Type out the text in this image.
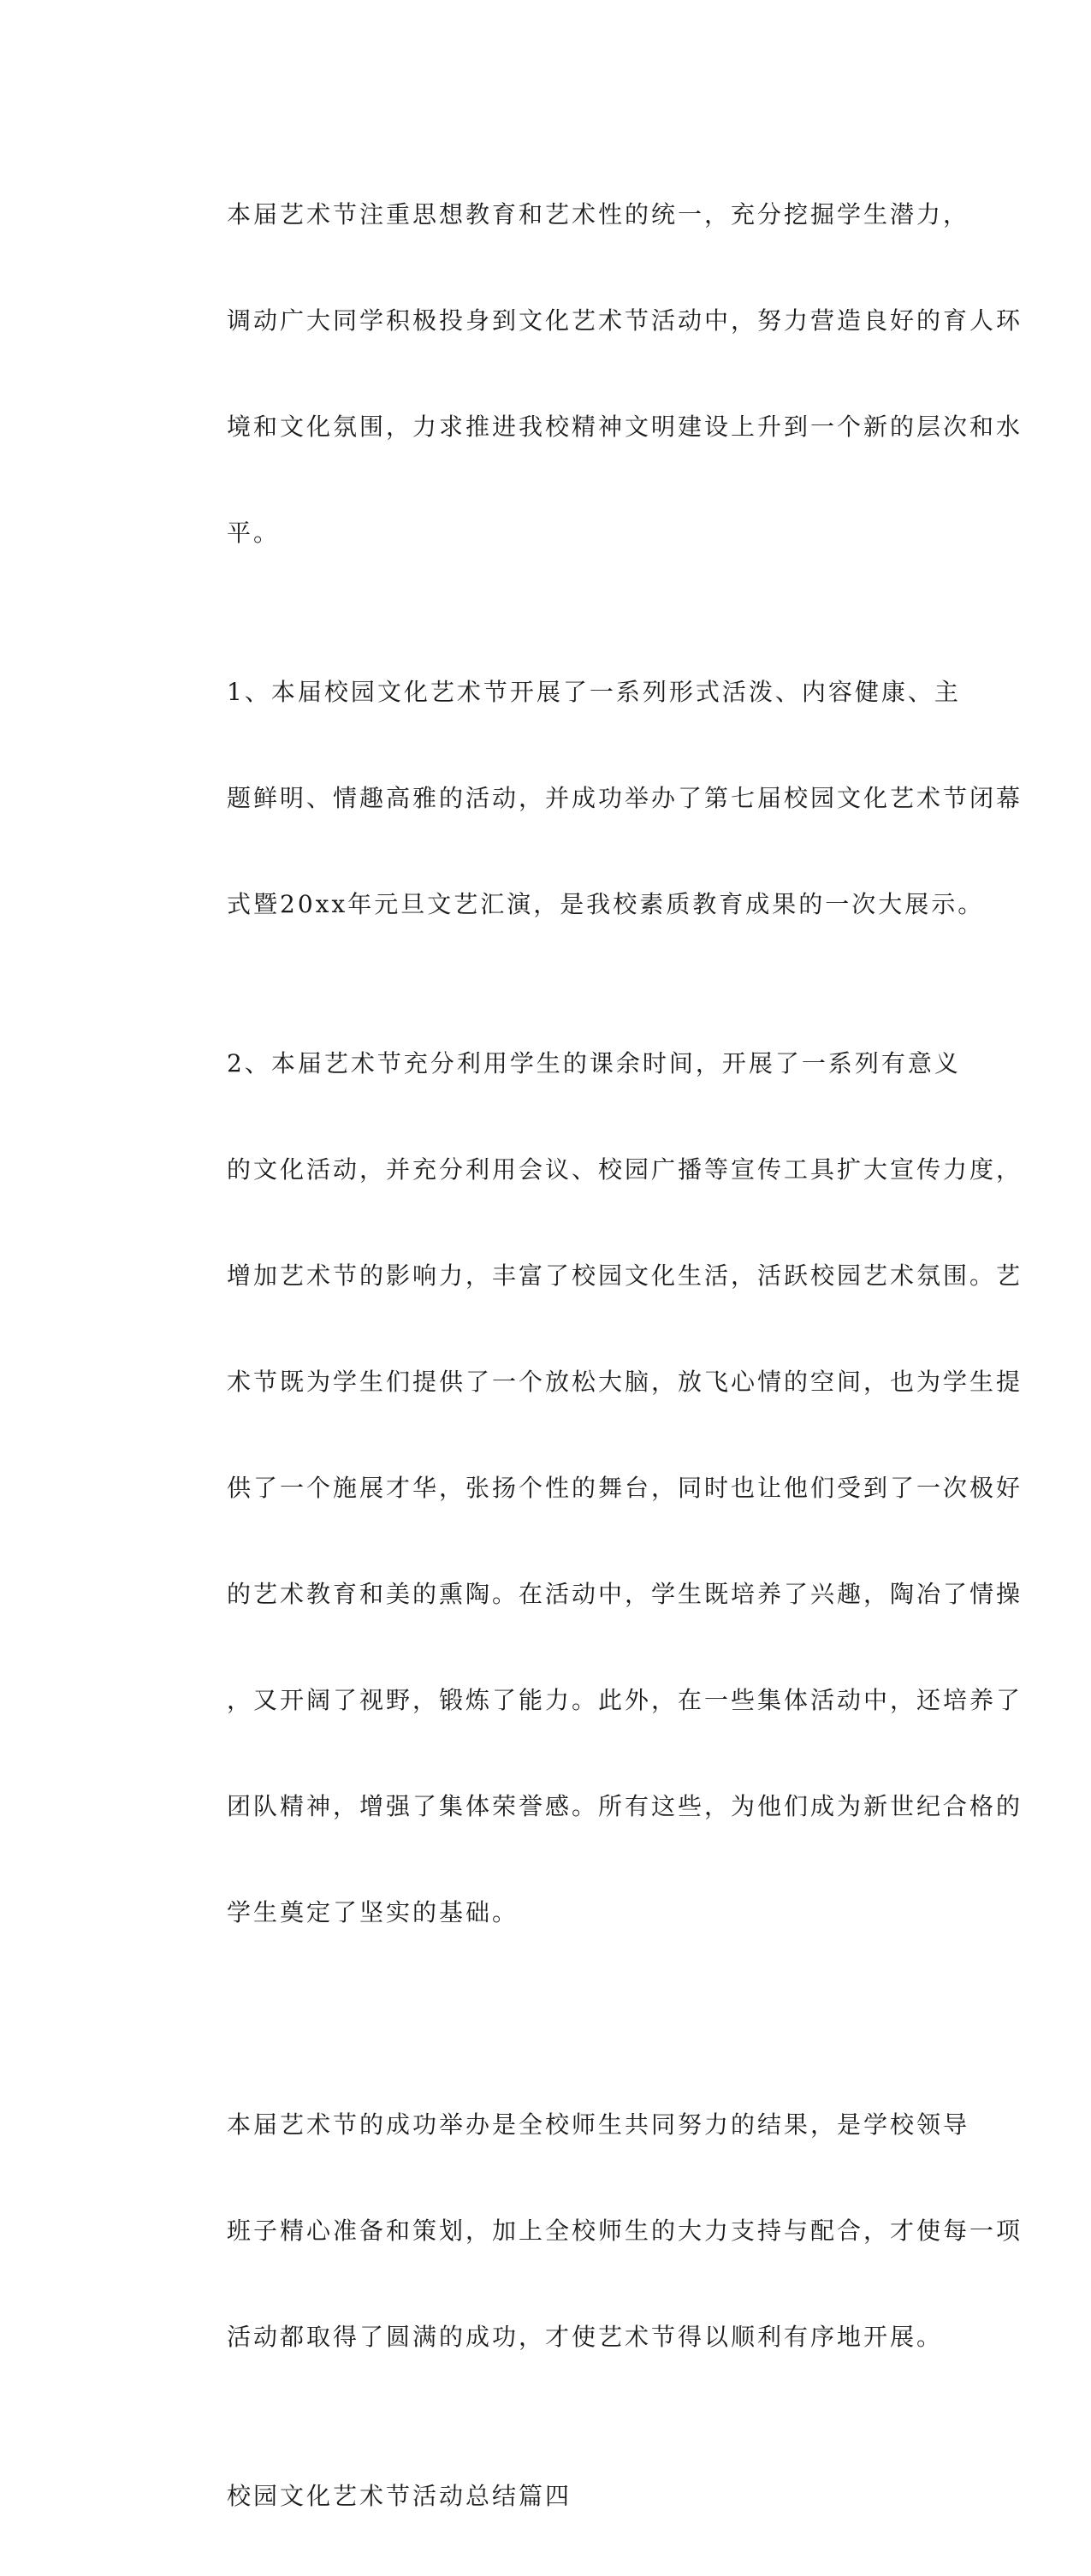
本届艺术节注重思想教育和艺术性的统一，充分挖掘学生潜力，

调动广大同学积极投身到文化艺术节活动中，努力营造良好的育人环

境和文化氛围，力求推进我校精神文明建设上升到一个新的层次和水

平。

1、本届校园文化艺术节开展了一系列形式活泼、内容健康、主

题鲜明、情趣高雅的活动，并成功举办了第七届校园文化艺术节闭幕

式暨20xx年元旦文艺汇演，是我校素质教育成果的一次大展示。

2、本届艺术节充分利用学生的课余时间，开展了一系列有意义

的文化活动，并充分利用会议、校园广播等宣传工具扩大宣传力度，

增加艺术节的影响力，丰富了校园文化生活，活跃校园艺术氛围。艺

术节既为学生们提供了一个放松大脑，放飞心情的空间，也为学生提

供了一个施展才华，张扬个性的舞台，同时也让他们受到了一次极好

的艺术教育和美的熏陶。在活动中，学生既培养了兴趣，陶冶了情操

，又开阔了视野，锻炼了能力。此外，在一些集体活动中，还培养了

团队精神，增强了集体荣誉感。所有这些，为他们成为新世纪合格的

学生奠定了坚实的基础。

本届艺术节的成功举办是全校师生共同努力的结果，是学校领导

班子精心准备和策划，加上全校师生的大力支持与配合，才使每一项

活动都取得了圆满的成功，才使艺术节得以顺利有序地开展。

校园文化艺术节活动总结篇四
